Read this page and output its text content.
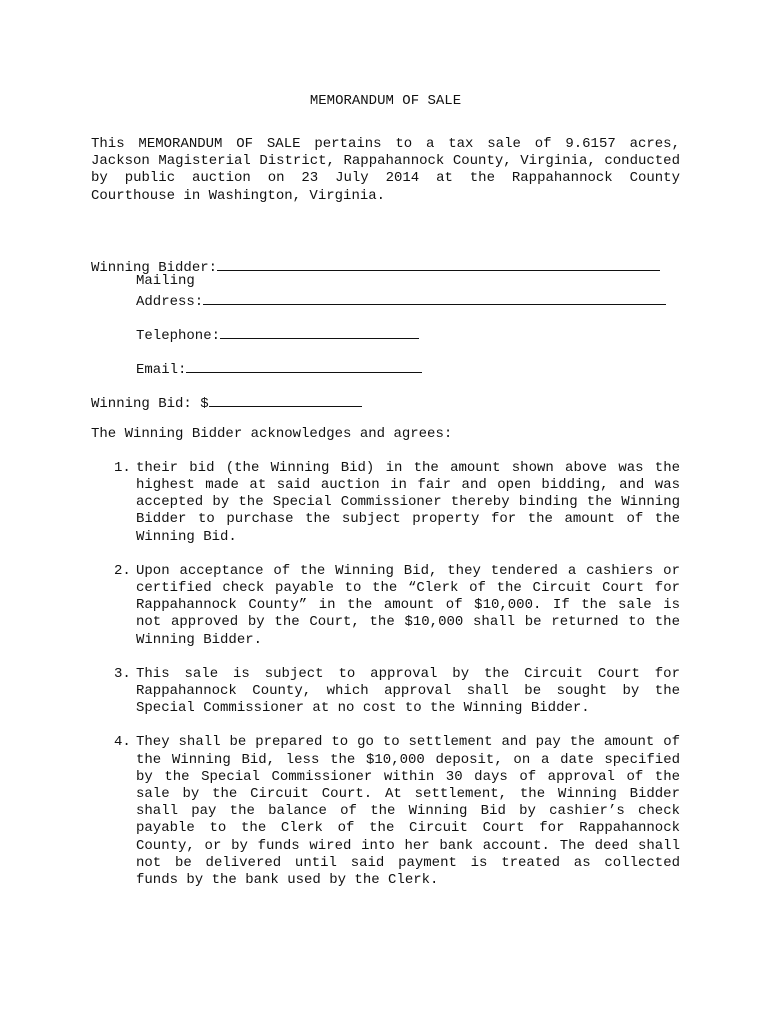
MEMORANDUM OF SALE

This MEMORANDUM OF SALE pertains to a tax sale of 9.6157 acres, Jackson Magisterial District, Rappahannock County, Virginia, conducted by public auction on 23 July 2014 at the Rappahannock County Courthouse in Washington, Virginia.

Winning Bidder:
Mailing
Address:
Telephone:
Email:
Winning Bid: $
The Winning Bidder acknowledges and agrees:
1. their bid (the Winning Bid) in the amount shown above was the highest made at said auction in fair and open bidding, and was accepted by the Special Commissioner thereby binding the Winning Bidder to purchase the subject property for the amount of the Winning Bid.

2. Upon acceptance of the Winning Bid, they tendered a cashiers or certified check payable to the “Clerk of the Circuit Court for Rappahannock County” in the amount of $10,000. If the sale is not approved by the Court, the $10,000 shall be returned to the Winning Bidder.

3. This sale is subject to approval by the Circuit Court for Rappahannock County, which approval shall be sought by the Special Commissioner at no cost to the Winning Bidder.

4. They shall be prepared to go to settlement and pay the amount of the Winning Bid, less the $10,000 deposit, on a date specified by the Special Commissioner within 30 days of approval of the sale by the Circuit Court. At settlement, the Winning Bidder shall pay the balance of the Winning Bid by cashier’s check payable to the Clerk of the Circuit Court for Rappahannock County, or by funds wired into her bank account. The deed shall not be delivered until said payment is treated as collected funds by the bank used by the Clerk.
